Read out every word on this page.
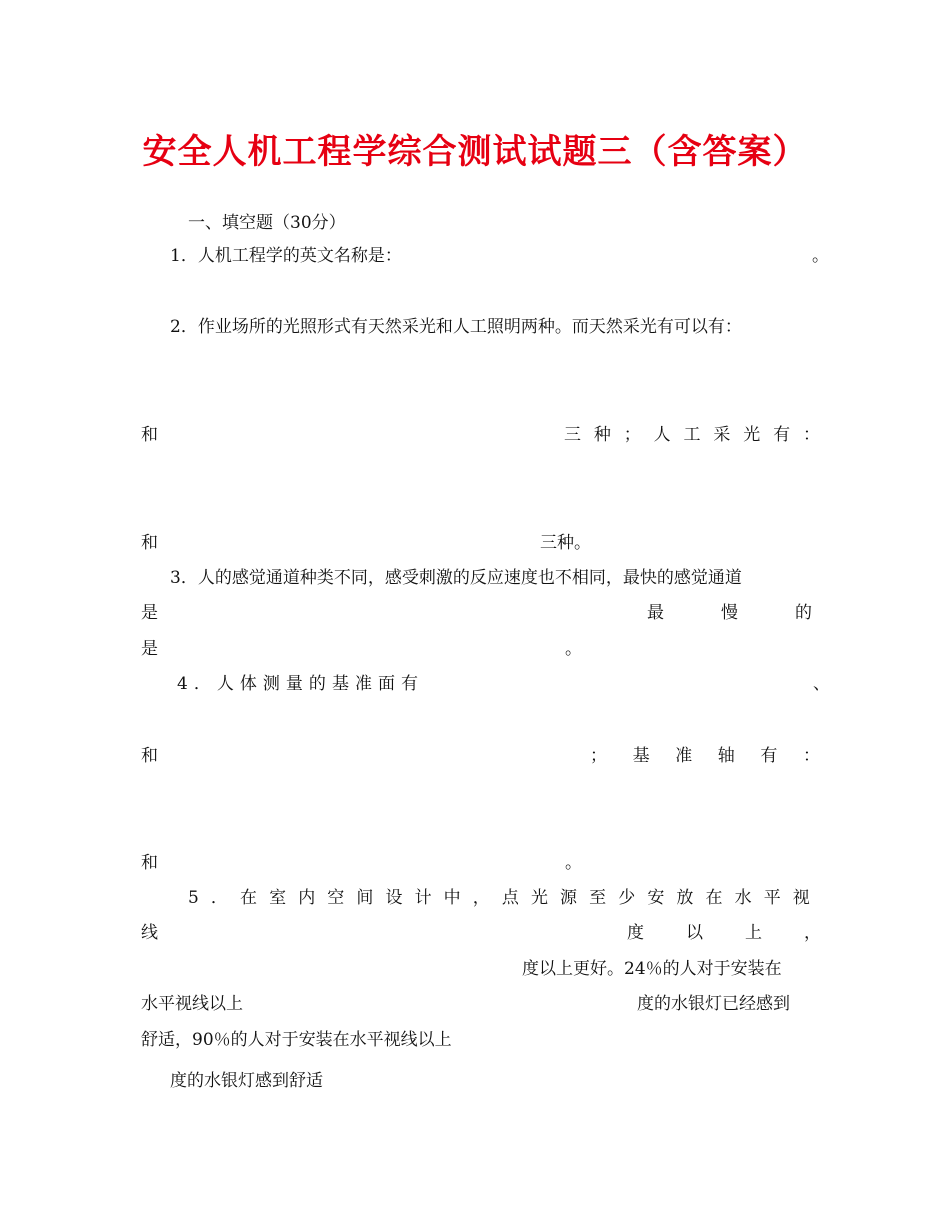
安全人机工程学综合测试试题三（含答案）
一、填空题（30分）
1．人机工程学的英文名称是：	。
2．作业场所的光照形式有天然采光和人工照明两种。而天然采光有可以有：
和	三 种 ； 人 工 采 光 有 ：
和	三种。
3．人的感觉通道种类不同，感受刺激的反应速度也不相同，最快的感觉通道
是	最	慢	的
是	。
4 ． 人 体 测 量 的 基 准 面 有	、
和	； 基 准 轴 有 ：
和	。
5 ． 在 室 内 空 间 设 计 中 ， 点 光 源 至 少 安 放 在 水 平 视
线	度 以 上 ，
度以上更好。24％的人对于安装在
水平视线以上	度的水银灯已经感到
舒适，90％的人对于安装在水平视线以上
度的水银灯感到舒适
